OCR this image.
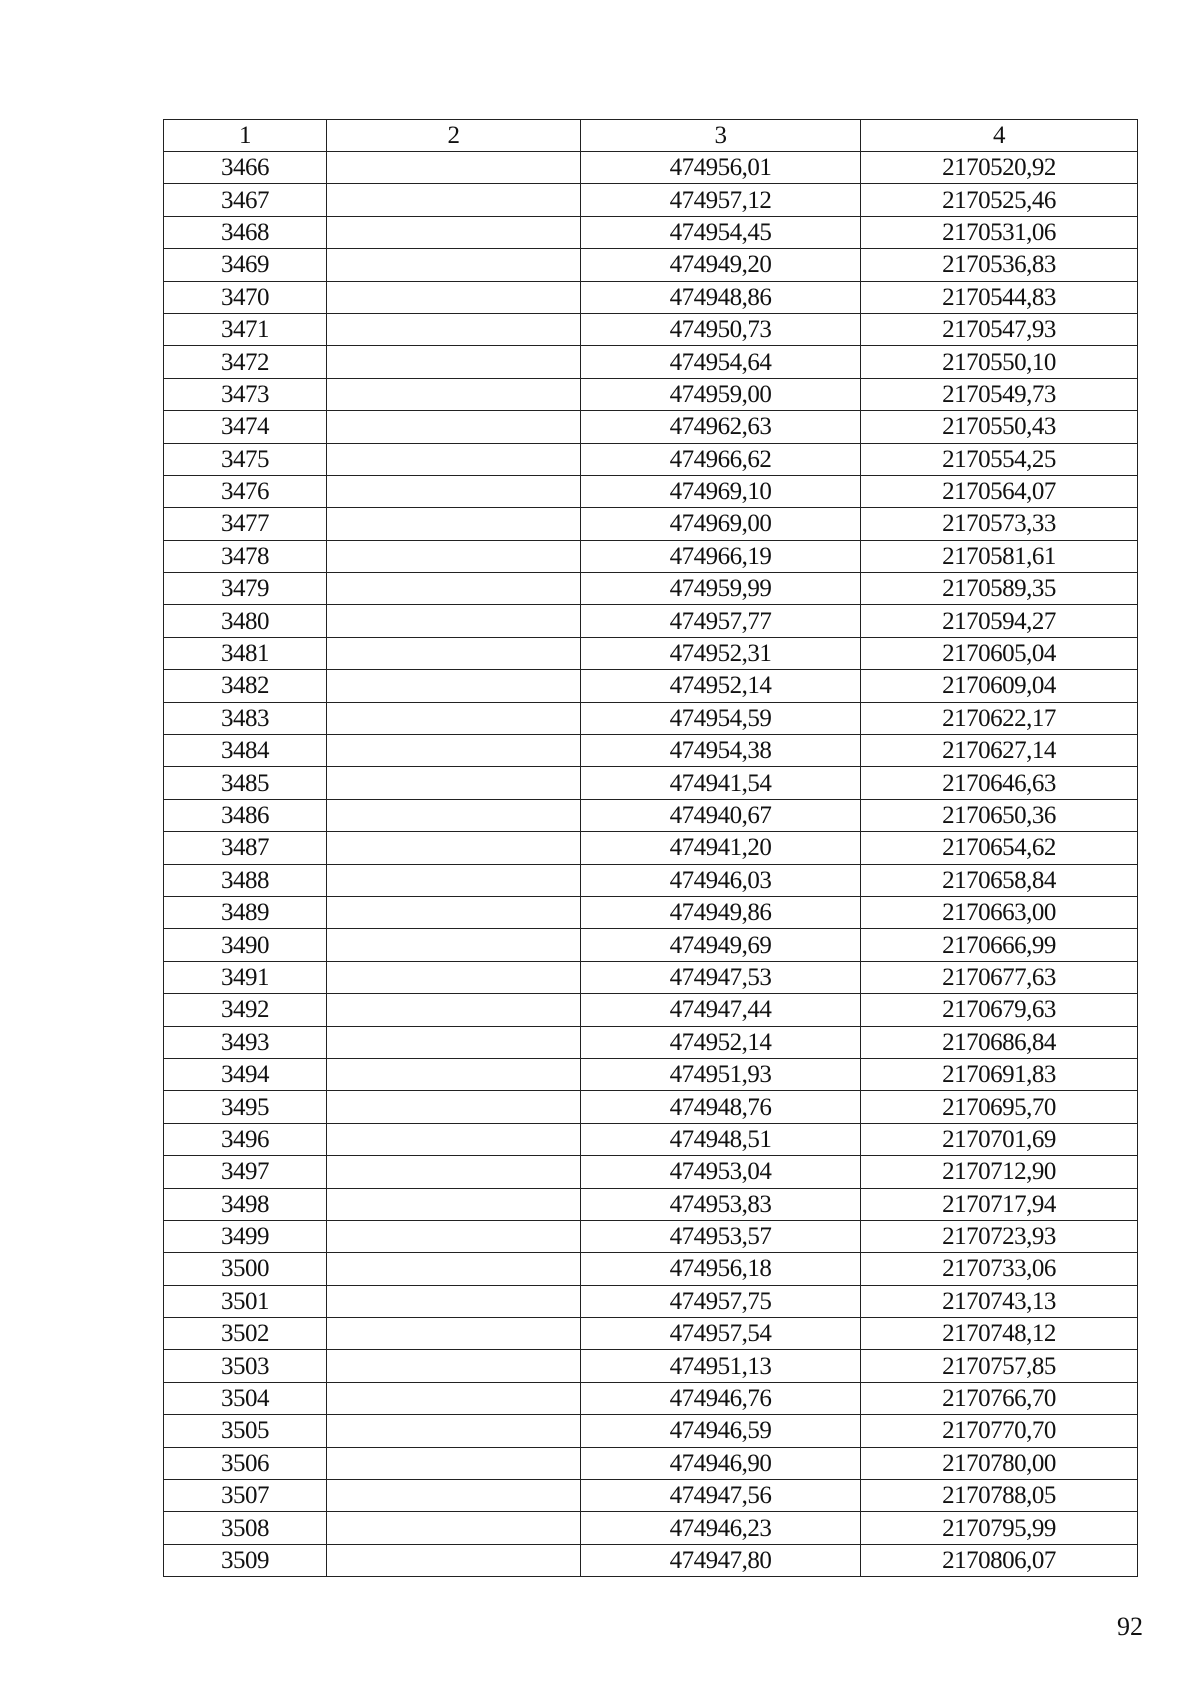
1	2	3	4
3466		474956,01	2170520,92
3467		474957,12	2170525,46
3468		474954,45	2170531,06
3469		474949,20	2170536,83
3470		474948,86	2170544,83
3471		474950,73	2170547,93
3472		474954,64	2170550,10
3473		474959,00	2170549,73
3474		474962,63	2170550,43
3475		474966,62	2170554,25
3476		474969,10	2170564,07
3477		474969,00	2170573,33
3478		474966,19	2170581,61
3479		474959,99	2170589,35
3480		474957,77	2170594,27
3481		474952,31	2170605,04
3482		474952,14	2170609,04
3483		474954,59	2170622,17
3484		474954,38	2170627,14
3485		474941,54	2170646,63
3486		474940,67	2170650,36
3487		474941,20	2170654,62
3488		474946,03	2170658,84
3489		474949,86	2170663,00
3490		474949,69	2170666,99
3491		474947,53	2170677,63
3492		474947,44	2170679,63
3493		474952,14	2170686,84
3494		474951,93	2170691,83
3495		474948,76	2170695,70
3496		474948,51	2170701,69
3497		474953,04	2170712,90
3498		474953,83	2170717,94
3499		474953,57	2170723,93
3500		474956,18	2170733,06
3501		474957,75	2170743,13
3502		474957,54	2170748,12
3503		474951,13	2170757,85
3504		474946,76	2170766,70
3505		474946,59	2170770,70
3506		474946,90	2170780,00
3507		474947,56	2170788,05
3508		474946,23	2170795,99
3509		474947,80	2170806,07
92
